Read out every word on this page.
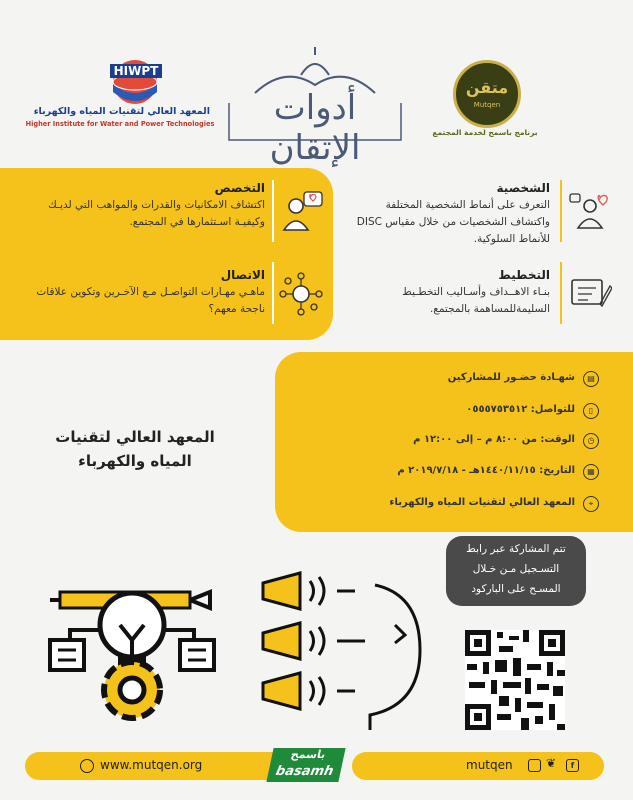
HIWPT
المعهد العالي لتقنيات المياه والكهرباء
Higher Institute for Water and Power Technologies	أدوات الإتقان
متقن
Mutqen
برنامج باسمح لخدمة المجتمع
الشخصية
التعرف على أنماط الشخصية المختلفة واكتشاف الشخصيات من خلال مقياس DISC للأنماط السلوكية.
التخطيط
بنـاء الاهــداف وأسـاليب التخطـيط السليمةللمساهمة بالمجتمع.
التخصص
اكتشاف الامكانيات والقدرات والمواهب التي لديـك وكيفيـة اسـتثمارها في المجتمع.
الاتصال
ماهـي مهـارات التواصـل مـع الآخـرين وتكوين علاقات ناجحة معهم؟
▤
شهـادة حضـور للمشاركين
▯
للتواصل: ٠٥٥٥٧٥٣٥١٢
◷
الوقت: من ٨:٠٠ م – إلى ١٢:٠٠ م
▦
التاريخ: ١٤٤٠/١١/١٥هـ - ٢٠١٩/٧/١٨ م
⌖
المعهد العالي لتقنيات المياه والكهرباء
المعهد العالي لتقنيات
المياه والكهرباء
تتم المشاركة عبر رابط
التسـجيل مـن خـلال
المسـح على الباركود
www.mutqen.org
باسمح
basamh	mutqen	❦	f
